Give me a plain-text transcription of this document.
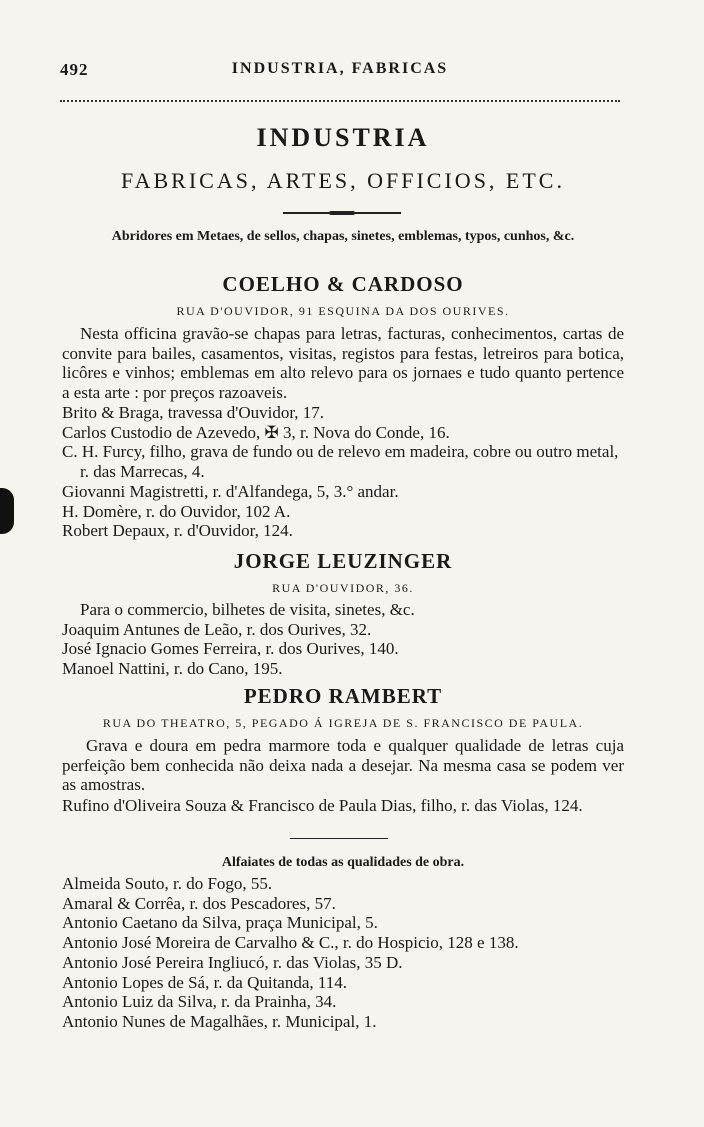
492	INDUSTRIA, FABRICAS
INDUSTRIA
FABRICAS, ARTES, OFFICIOS, ETC.
Abridores em Metaes, de sellos, chapas, sinetes, emblemas, typos, cunhos, &c.
COELHO & CARDOSO
RUA D'OUVIDOR, 91 ESQUINA DA DOS OURIVES.
Nesta officina gravão-se chapas para letras, facturas, conhecimentos, cartas de convite para bailes, casamentos, visitas, registos para festas, letreiros para botica, licôres e vinhos; emblemas em alto relevo para os jornaes e tudo quanto pertence a esta arte : por preços razoaveis.
Brito & Braga, travessa d'Ouvidor, 17.
Carlos Custodio de Azevedo, ✠ 3, r. Nova do Conde, 16.
C. H. Furcy, filho, grava de fundo ou de relevo em madeira, cobre ou outro metal, r. das Marrecas, 4.
Giovanni Magistretti, r. d'Alfandega, 5, 3.° andar.
H. Domère, r. do Ouvidor, 102 A.
Robert Depaux, r. d'Ouvidor, 124.
JORGE LEUZINGER
RUA D'OUVIDOR, 36.
Para o commercio, bilhetes de visita, sinetes, &c.
Joaquim Antunes de Leão, r. dos Ourives, 32.
José Ignacio Gomes Ferreira, r. dos Ourives, 140.
Manoel Nattini, r. do Cano, 195.
PEDRO RAMBERT
RUA DO THEATRO, 5, PEGADO Á IGREJA DE S. FRANCISCO DE PAULA.
Grava e doura em pedra marmore toda e qualquer qualidade de letras cuja perfeição bem conhecida não deixa nada a desejar. Na mesma casa se podem ver as amostras.
Rufino d'Oliveira Souza & Francisco de Paula Dias, filho, r. das Violas, 124.
Alfaiates de todas as qualidades de obra.
Almeida Souto, r. do Fogo, 55.
Amaral & Corrêa, r. dos Pescadores, 57.
Antonio Caetano da Silva, praça Municipal, 5.
Antonio José Moreira de Carvalho & C., r. do Hospicio, 128 e 138.
Antonio José Pereira Ingliucó, r. das Violas, 35 D.
Antonio Lopes de Sá, r. da Quitanda, 114.
Antonio Luiz da Silva, r. da Prainha, 34.
Antonio Nunes de Magalhães, r. Municipal, 1.
